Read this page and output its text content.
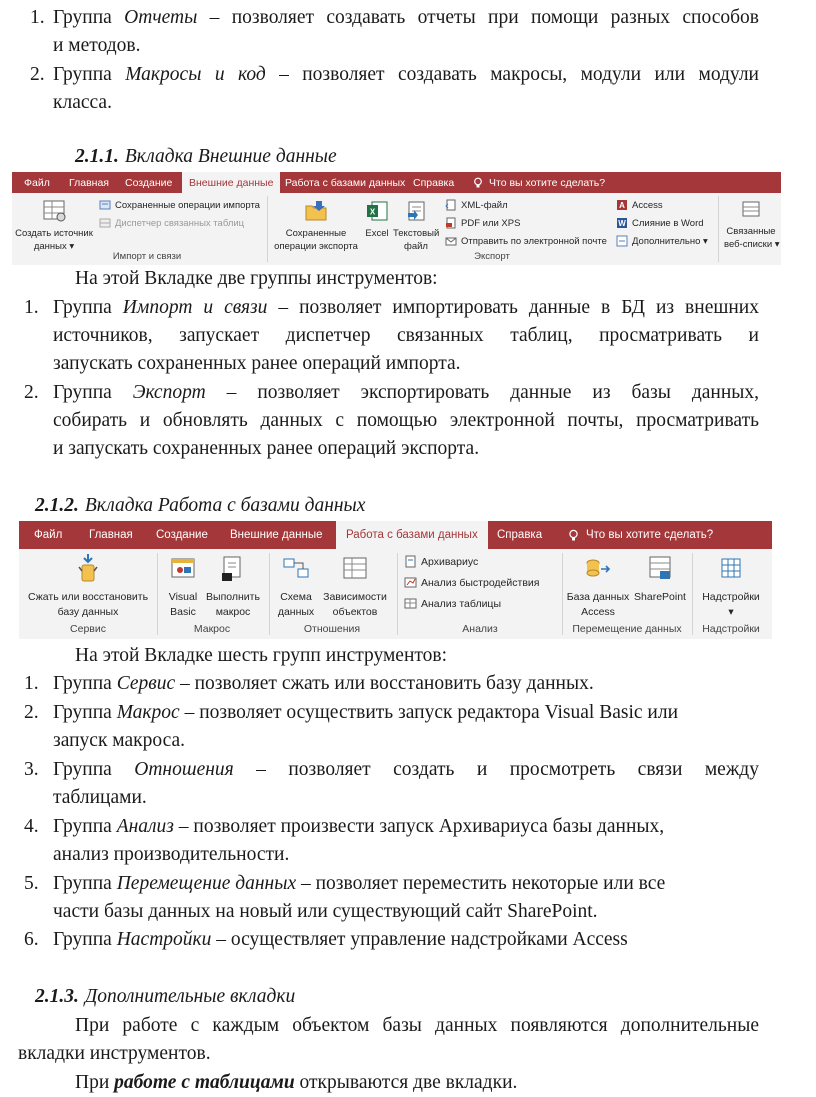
1. Группа Отчеты – позволяет создавать отчеты при помощи разных способов
и методов.
2. Группа Макросы и код – позволяет создавать макросы, модули или модули
класса.
2.1.1. Вкладка Внешние данные
Файл Главная Создание	Внешние данные	Работа с базами данных Справка	Что вы хотите сделать?
Создать источник
данных ▾
Сохраненные операции импорта
Диспетчер связанных таблиц
Импорт и связи
Сохраненные
операции экспорта
X
Excel Текстовый
файл
XML-файл
PDF или XPS
Отправить по электронной почте
A Access
W Слияние в Word
Дополнительно ▾
Экспорт
Связанные
веб-списки ▾
На этой Вкладке две группы инструментов:
1. Группа Импорт и связи – позволяет импортировать данные в БД из внешних
источников, запускает диспетчер связанных таблиц, просматривать и
запускать сохраненных ранее операций импорта.
2. Группа Экспорт – позволяет экспортировать данные из базы данных,
собирать и обновлять данных с помощью электронной почты, просматривать
и запускать сохраненных ранее операций экспорта.
2.1.2. Вкладка Работа с базами данных
Файл Главная Создание Внешние данные	Работа с базами данных	Справка	Что вы хотите сделать?
Сжать или восстановить
базу данных
Сервис
Visual
Basic
Выполнить
макрос
Макрос
Схема
данных
Зависимости
объектов
Отношения
Архивариус
Анализ быстродействия
Анализ таблицы
Анализ
База данных
Access
SharePoint
Перемещение данных
Надстройки
▾
Надстройки
На этой Вкладке шесть групп инструментов:
1. Группа Сервис – позволяет сжать или восстановить базу данных.
2. Группа Макрос – позволяет осуществить запуск редактора Visual Basic или
запуск макроса.
3. Группа Отношения – позволяет создать и просмотреть связи между
таблицами.
4. Группа Анализ – позволяет произвести запуск Архивариуса базы данных,
анализ производительности.
5. Группа Перемещение данных – позволяет переместить некоторые или все
части базы данных на новый или существующий сайт SharePoint.
6. Группа Настройки – осуществляет управление надстройками Access
2.1.3. Дополнительные вкладки
При работе с каждым объектом базы данных появляются дополнительные
вкладки инструментов.
При работе с таблицами открываются две вкладки.
